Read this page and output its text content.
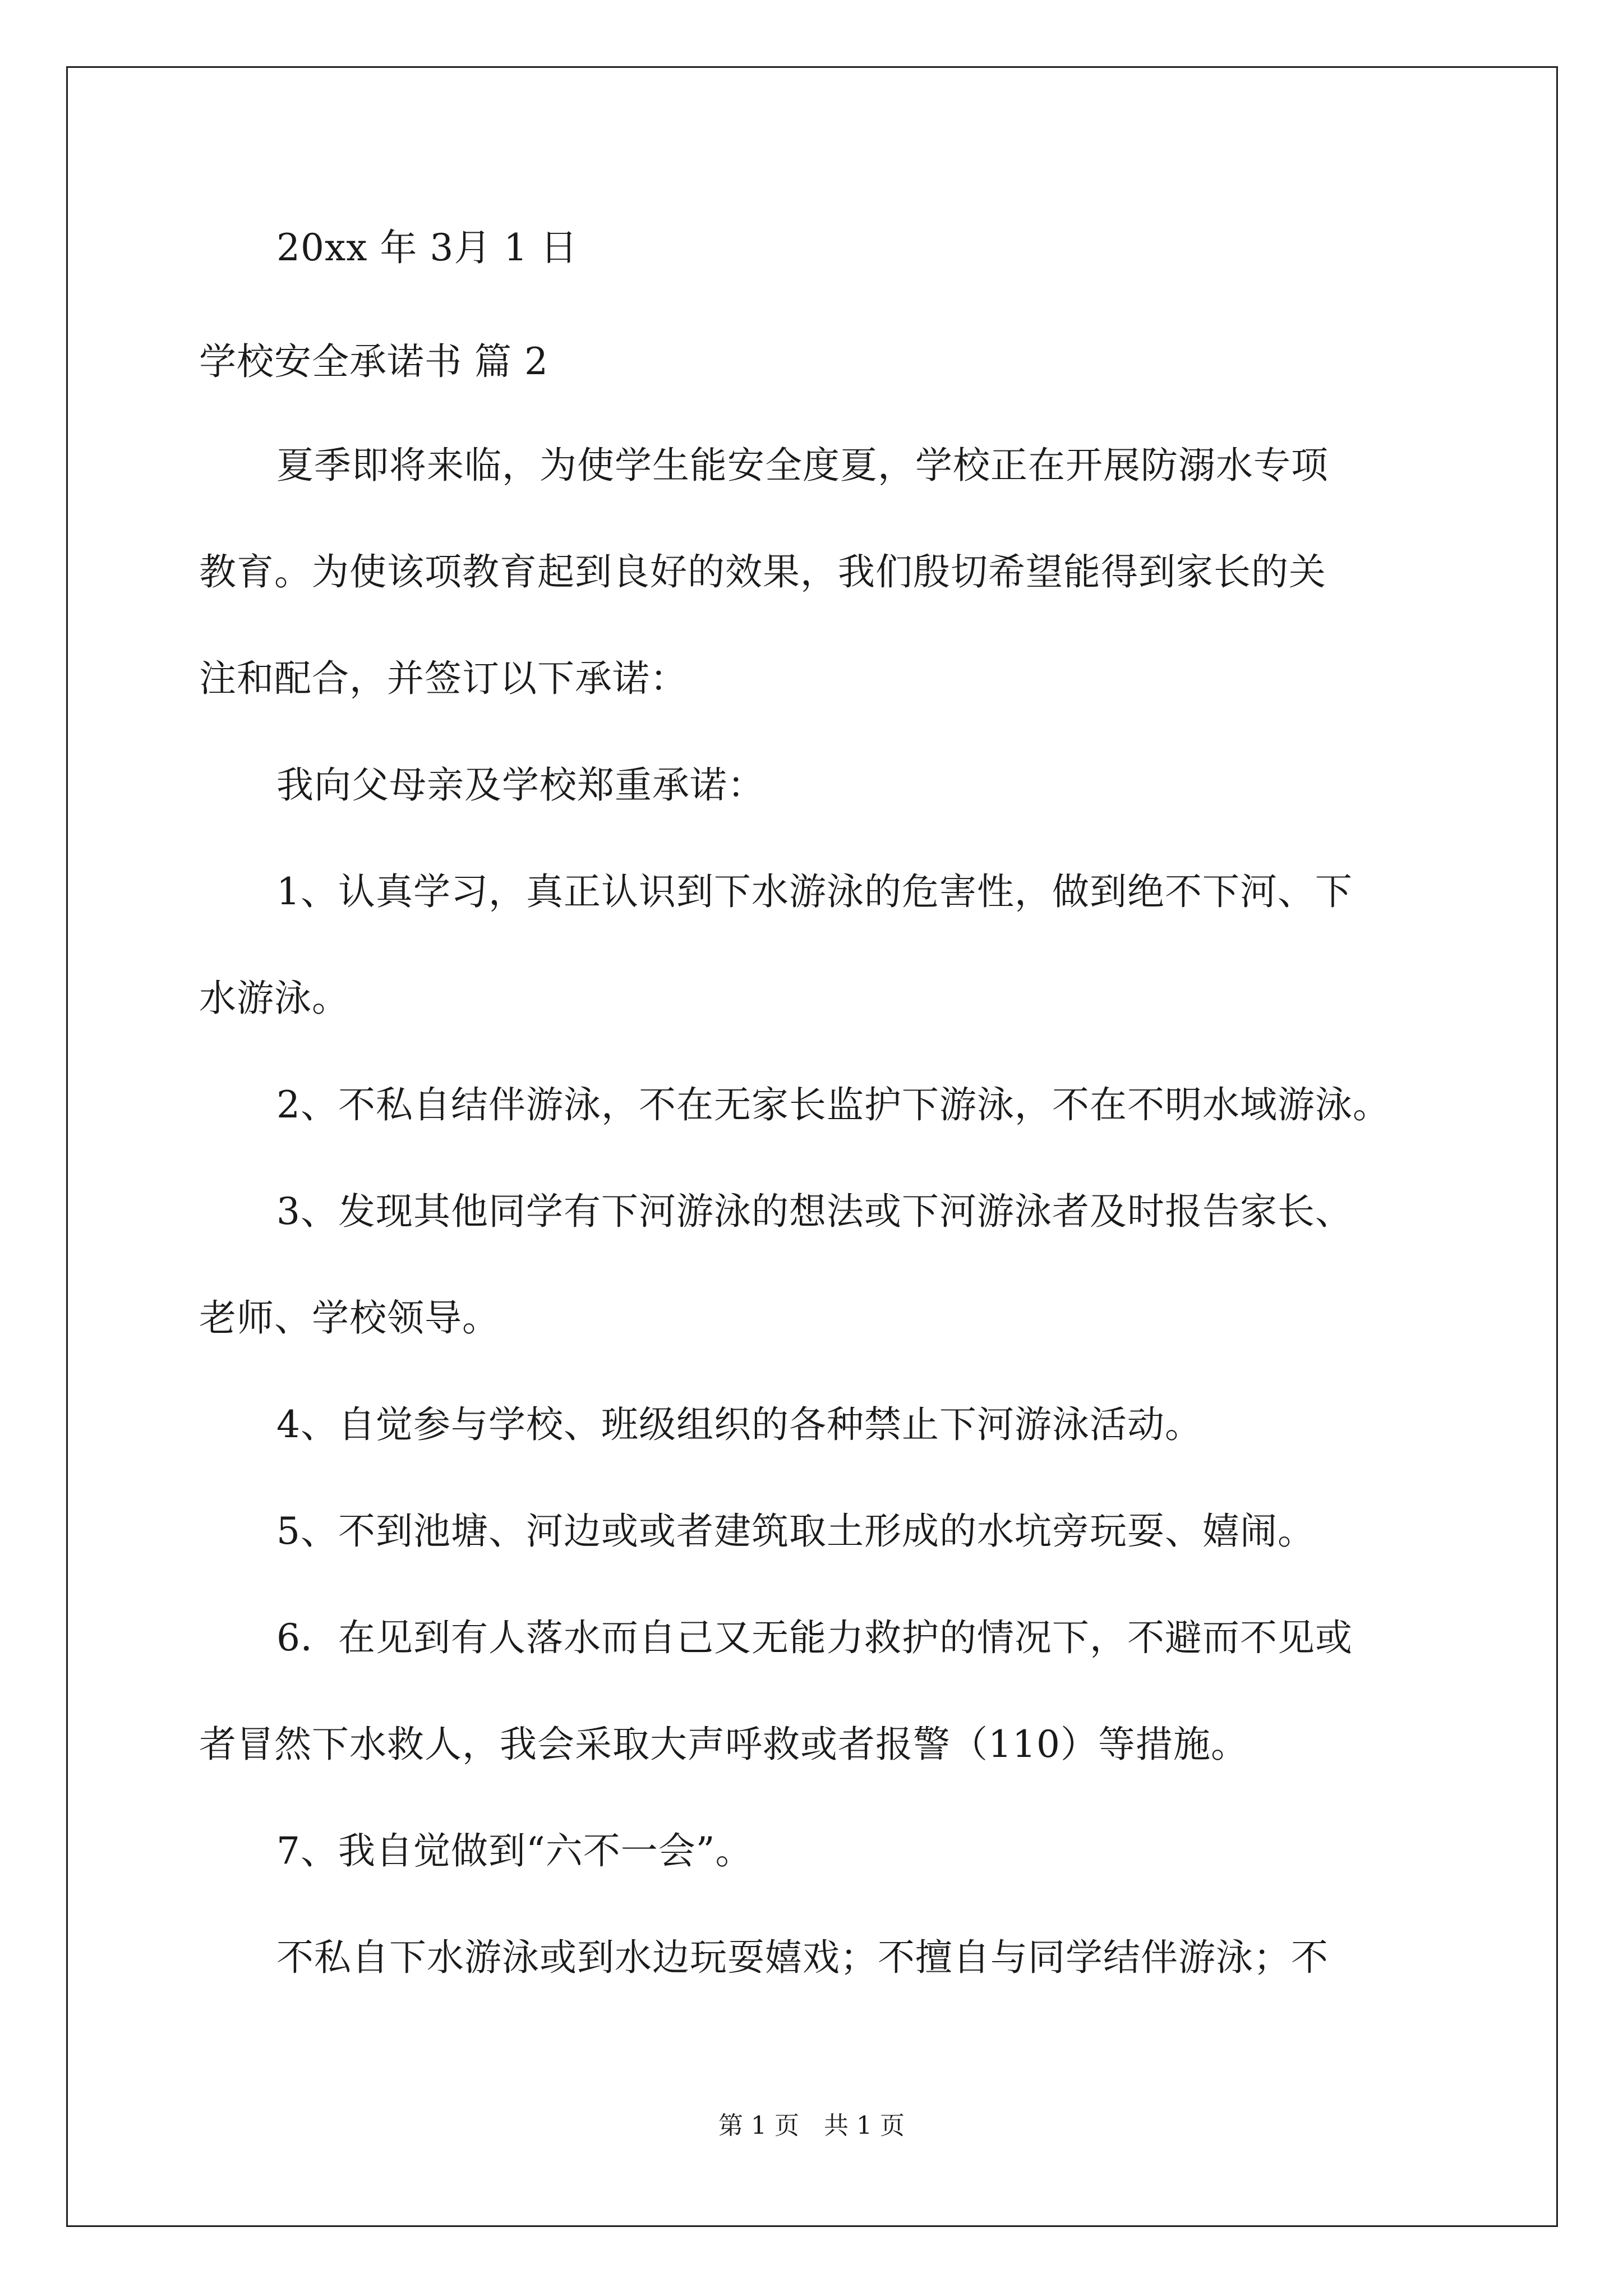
20xx 年 3月 1 日
学校安全承诺书 篇 2
夏季即将来临，为使学生能安全度夏，学校正在开展防溺水专项
教育。为使该项教育起到良好的效果，我们殷切希望能得到家长的关
注和配合，并签订以下承诺：
我向父母亲及学校郑重承诺：
1、认真学习，真正认识到下水游泳的危害性，做到绝不下河、下
水游泳。
2、不私自结伴游泳，不在无家长监护下游泳，不在不明水域游泳。
3、发现其他同学有下河游泳的想法或下河游泳者及时报告家长、
老师、学校领导。
4、自觉参与学校、班级组织的各种禁止下河游泳活动。
5、不到池塘、河边或或者建筑取土形成的水坑旁玩耍、嬉闹。
6．在见到有人落水而自己又无能力救护的情况下，不避而不见或
者冒然下水救人，我会采取大声呼救或者报警（110）等措施。
7、我自觉做到“六不一会”。
不私自下水游泳或到水边玩耍嬉戏；不擅自与同学结伴游泳；不
第 1 页　共 1 页
